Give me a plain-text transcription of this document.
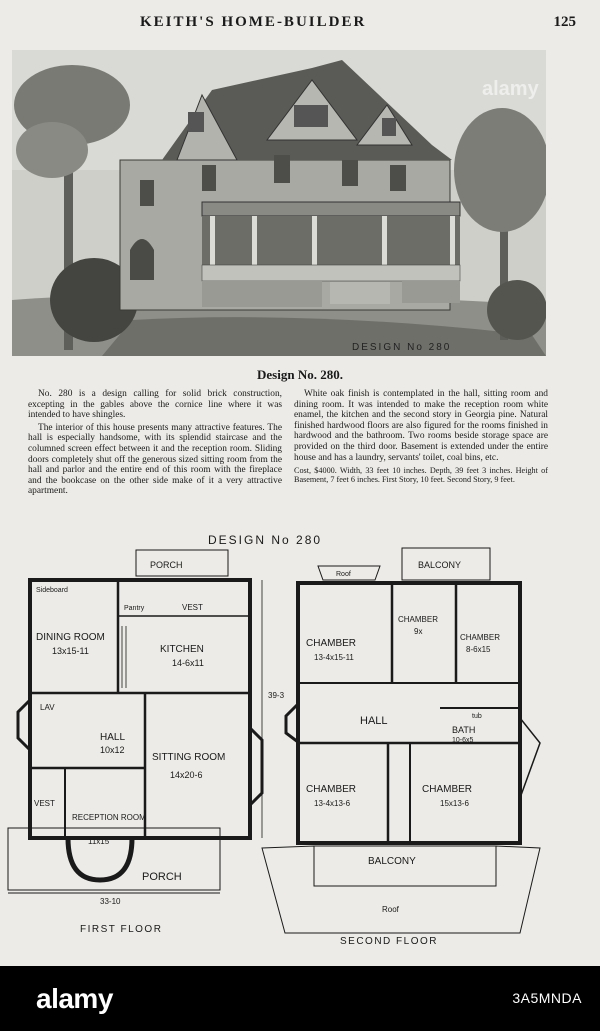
KEITH'S HOME-BUILDER	125
DESIGN No 280
alamy
Design No. 280.

No. 280 is a design calling for solid brick construction, excepting in the gables above the cornice line where it was intended to have shingles.

The interior of this house presents many attractive features. The hall is especially handsome, with its splendid staircase and the columned screen effect between it and the reception room. Sliding doors completely shut off the generous sized sitting room from the hall and parlor and the entire end of this room with the fireplace and the bookcase on the other side make of it a very attractive apartment.

White oak finish is contemplated in the hall, sitting room and dining room. It was intended to make the reception room white enamel, the kitchen and the second story in Georgia pine. Natural finished hardwood floors are also figured for the rooms finished in hardwood and the bathroom. Two rooms beside storage space are provided on the third door. Basement is extended under the entire house and has a laundry, servants' toilet, coal bins, etc.

Cost, $4000. Width, 33 feet 10 inches. Depth, 39 feet 3 inches. Height of Basement, 7 feet 6 inches. First Story, 10 feet. Second Story, 9 feet.

DESIGN No 280
PORCH
Sideboard
Pantry	VEST
DINING ROOM
13x15-11	KITCHEN
14-6x11
LAV
HALL
10x12
SITTING ROOM
14x20-6
VEST
RECEPTION ROOM
11x15
PORCH
33-10
39-3
FIRST FLOOR
Roof
BALCONY
CHAMBER
13-4x15-11
CHAMBER
9x
CHAMBER
8-6x15
HALL	tub
BATH
10-6x5
CHAMBER
13-4x13-6
CHAMBER
15x13-6
BALCONY
Roof
SECOND FLOOR
alamy	3A5MNDA
